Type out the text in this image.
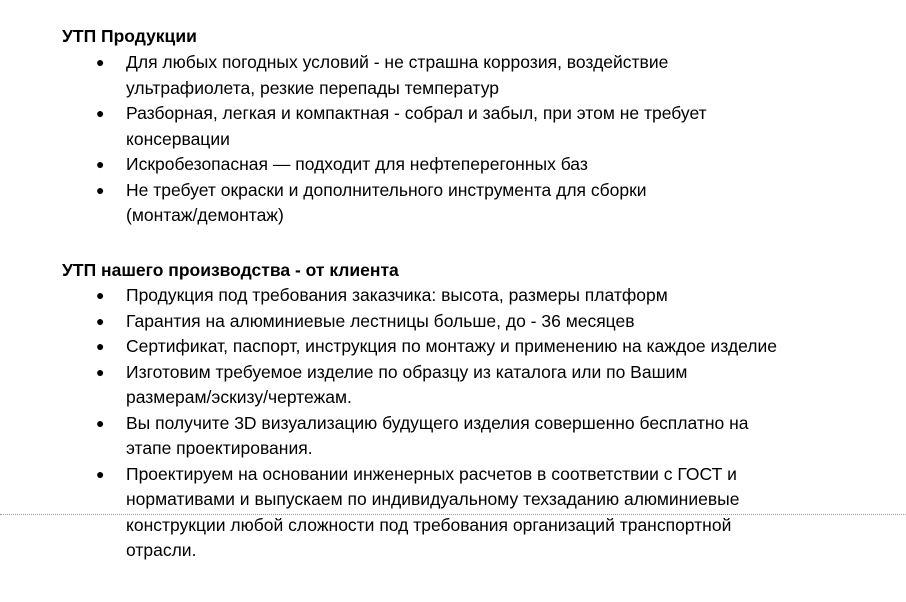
УТП Продукции
● Для любых погодных условий - не страшна коррозия, воздействие
ультрафиолета, резкие перепады температур
● Разборная, легкая и компактная - собрал и забыл, при этом не требует
консервации
● Искробезопасная — подходит для нефтеперегонных баз
● Не требует окраски и дополнительного инструмента для сборки
(монтаж/демонтаж)
УТП нашего производства - от клиента
● Продукция под требования заказчика: высота, размеры платформ
● Гарантия на алюминиевые лестницы больше, до - 36 месяцев
● Сертификат, паспорт, инструкция по монтажу и применению на каждое изделие
● Изготовим требуемое изделие по образцу из каталога или по Вашим
размерам/эскизу/чертежам.
● Вы получите 3D визуализацию будущего изделия совершенно бесплатно на
этапе проектирования.
● Проектируем на основании инженерных расчетов в соответствии с ГОСТ и
нормативами и выпускаем по индивидуальному техзаданию алюминиевые
конструкции любой сложности под требования организаций транспортной
отрасли.
